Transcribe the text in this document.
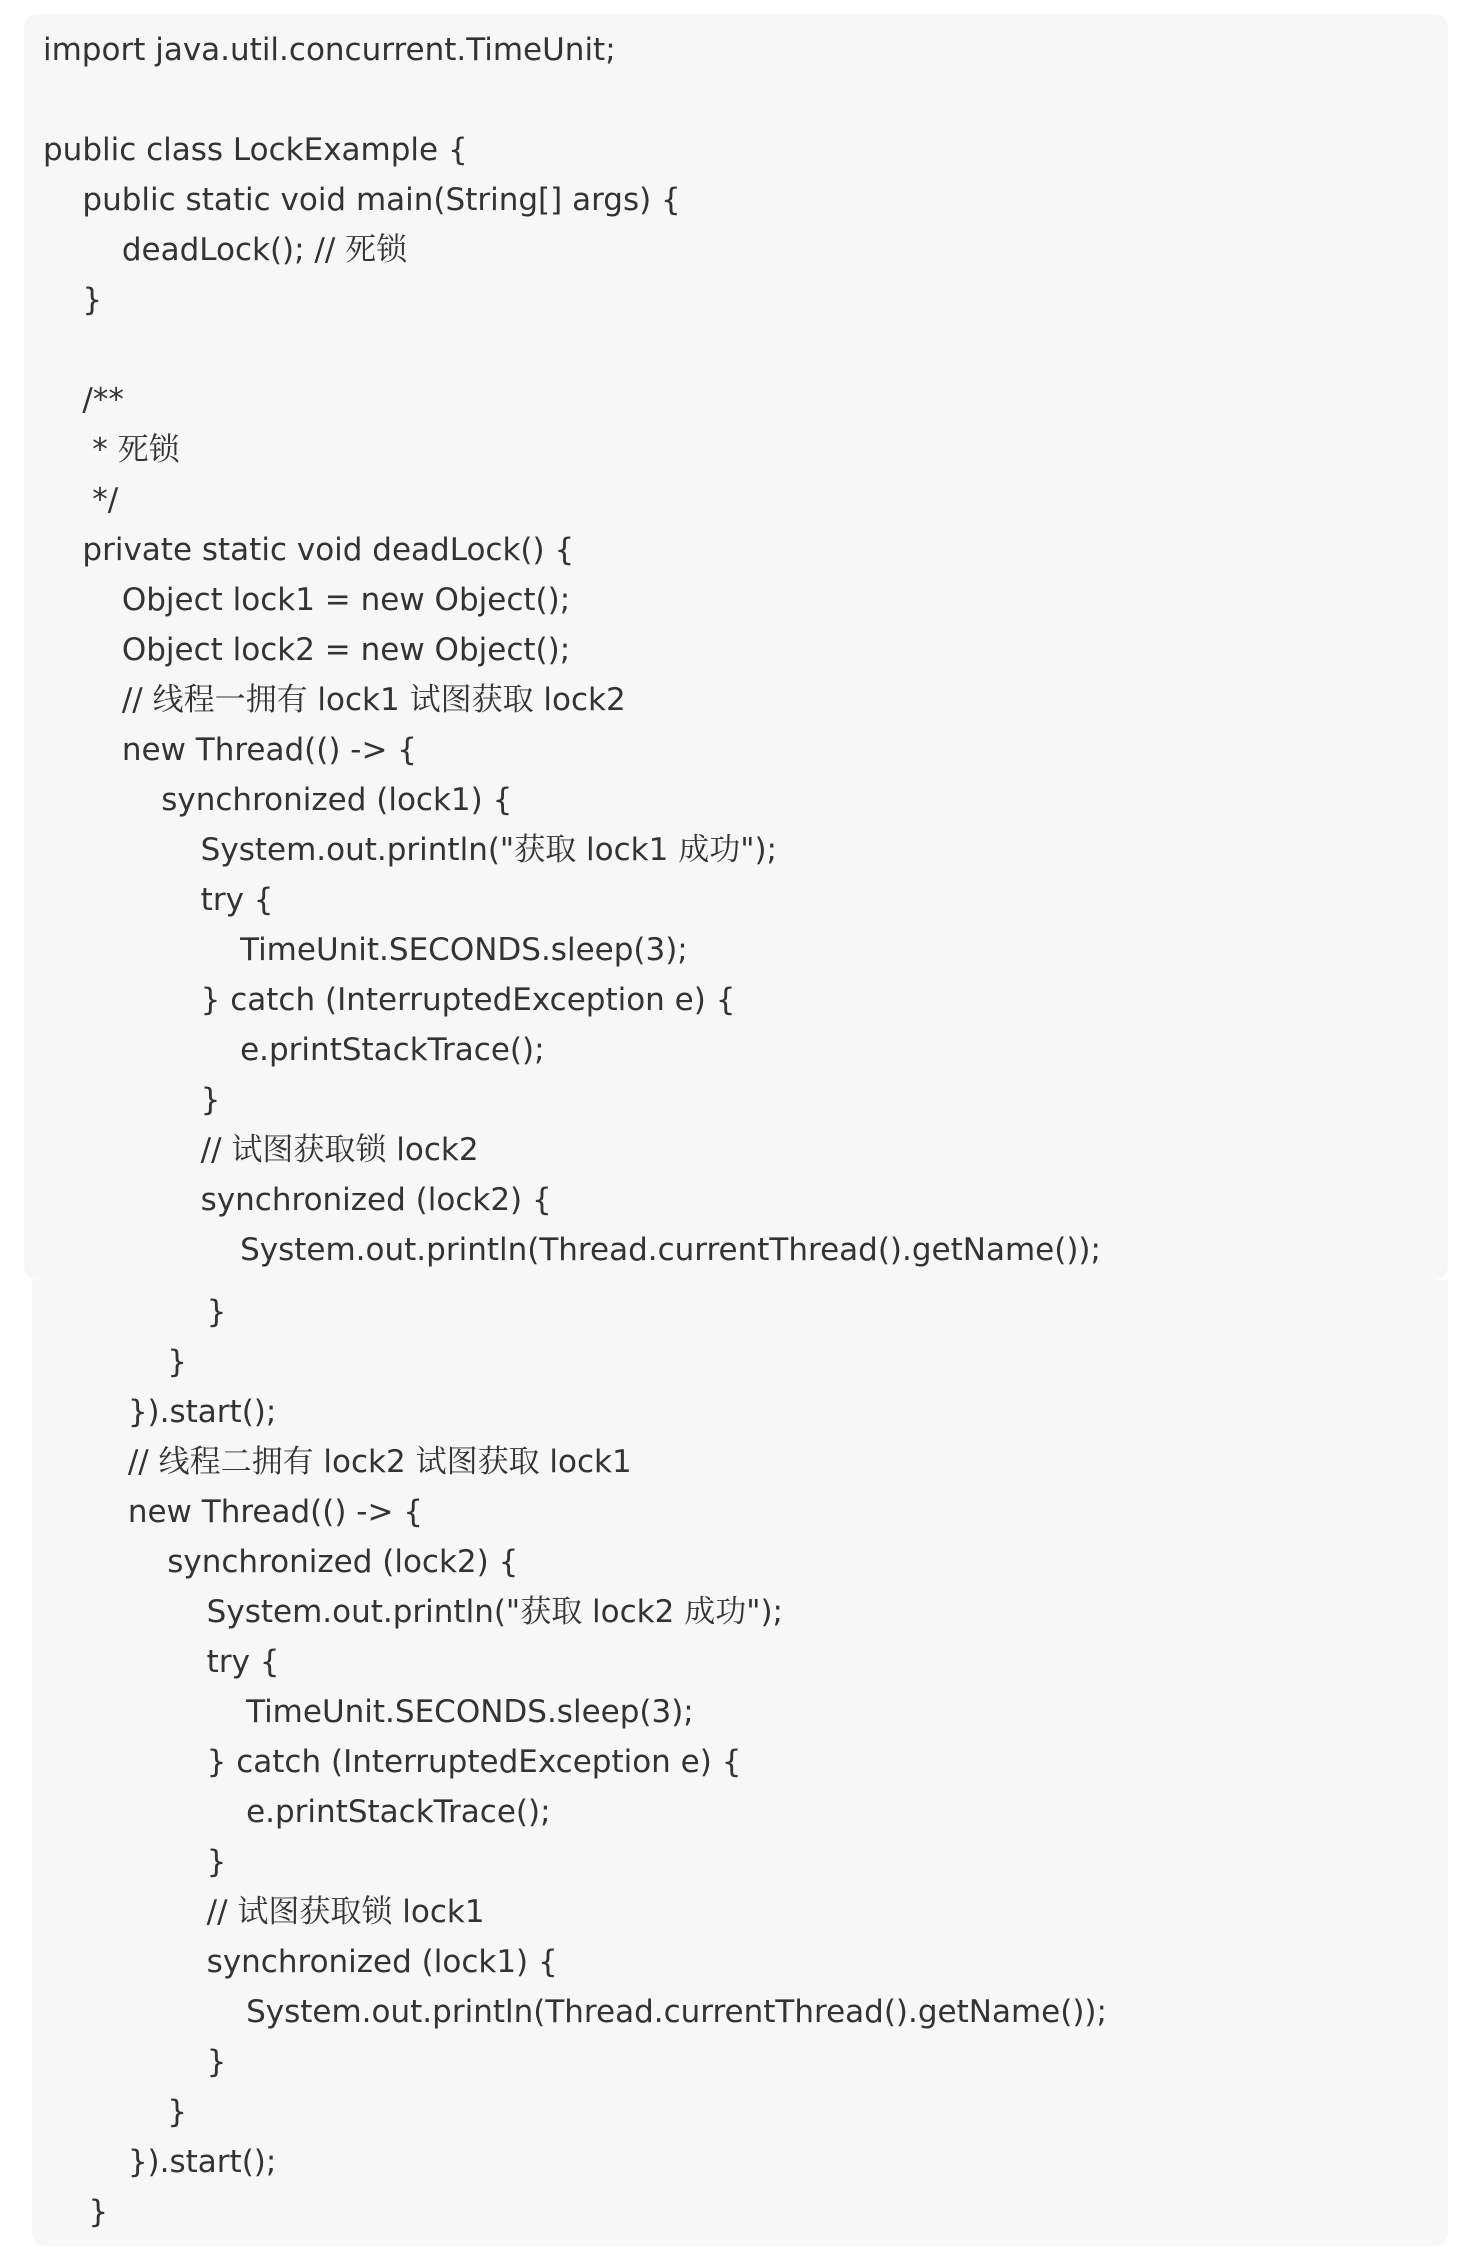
import java.util.concurrent.TimeUnit;
public class LockExample {
public static void main(String[] args) {
deadLock(); // 死锁
}
/**
* 死锁
*/
private static void deadLock() {
Object lock1 = new Object();
Object lock2 = new Object();
// 线程一拥有 lock1 试图获取 lock2
new Thread(() -> {
synchronized (lock1) {
System.out.println("获取 lock1 成功");
try {
TimeUnit.SECONDS.sleep(3);
} catch (InterruptedException e) {
e.printStackTrace();
}
// 试图获取锁 lock2
synchronized (lock2) {
System.out.println(Thread.currentThread().getName());
}
}
}).start();
// 线程二拥有 lock2 试图获取 lock1
new Thread(() -> {
synchronized (lock2) {
System.out.println("获取 lock2 成功");
try {
TimeUnit.SECONDS.sleep(3);
} catch (InterruptedException e) {
e.printStackTrace();
}
// 试图获取锁 lock1
synchronized (lock1) {
System.out.println(Thread.currentThread().getName());
}
}
}).start();
}
